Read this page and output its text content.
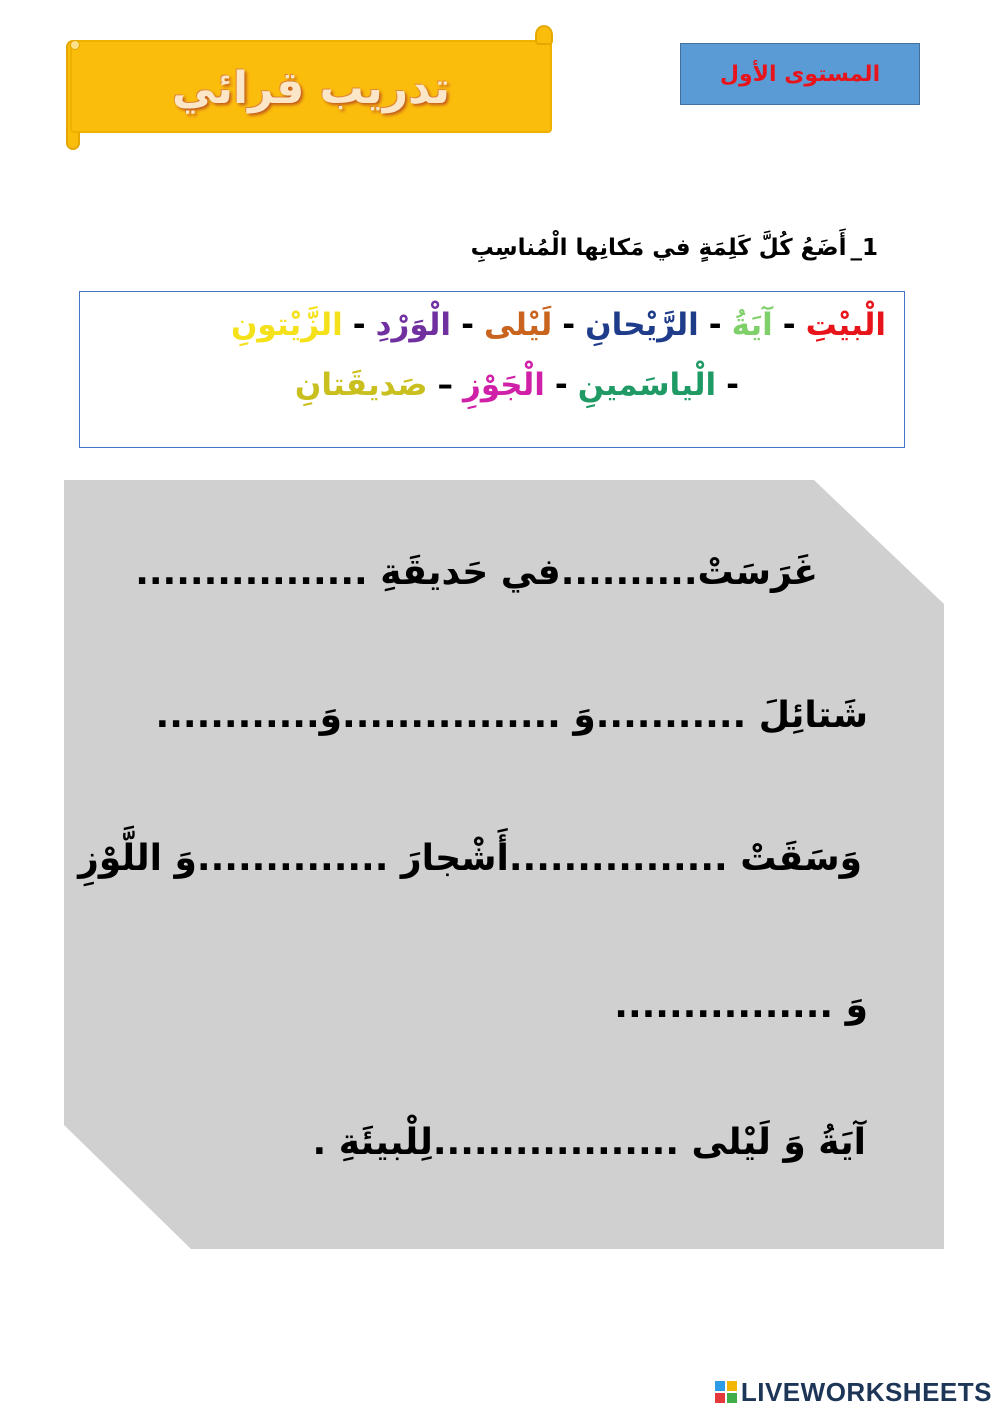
تدريب قرائي	المستوى الأول
1_
أَضَعُ كُلَّ كَلِمَةٍ في مَكانِها الْمُناسِبِ
الْبيْتِ-آيَةُ-الرَّيْحانِ-لَيْلى-الْوَرْدِ-الزَّيْتونِ
-الْياسَمينِ-الْجَوْزِ–صَديقَتانِ
غَرَسَتْ..........في حَديقَةِ .................
شَتائِلَ ...........وَ ................وَ............
وَسَقَتْ ................أَشْجارَ ..............وَ اللَّوْزِ
وَ ................
آيَةُ وَ لَيْلى ..................لِلْبيئَةِ .
LIVEWORKSHEETS
